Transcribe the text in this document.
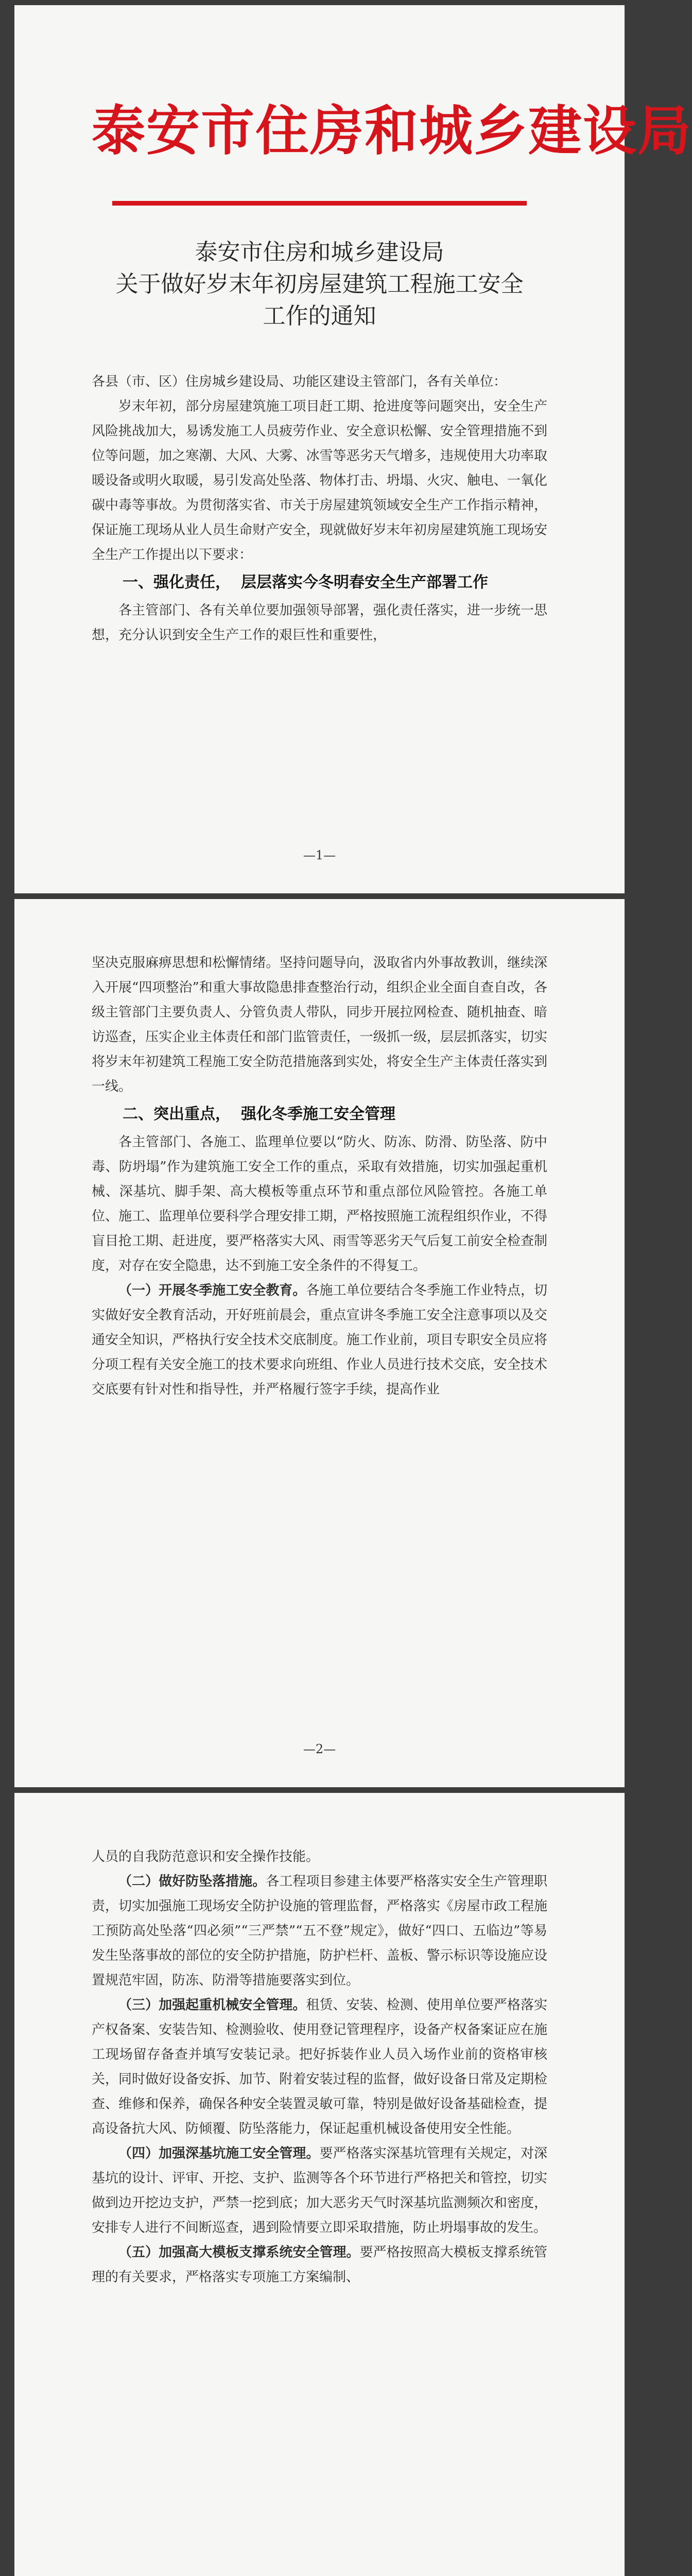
泰安市住房和城乡建设局
泰安市住房和城乡建设局
关于做好岁末年初房屋建筑工程施工安全
工作的通知

各县（市、区）住房城乡建设局、功能区建设主管部门，各有关单位：

岁末年初，部分房屋建筑施工项目赶工期、抢进度等问题突出，安全生产风险挑战加大，易诱发施工人员疲劳作业、安全意识松懈、安全管理措施不到位等问题，加之寒潮、大风、大雾、冰雪等恶劣天气增多，违规使用大功率取暖设备或明火取暖，易引发高处坠落、物体打击、坍塌、火灾、触电、一氧化碳中毒等事故。为贯彻落实省、市关于房屋建筑领域安全生产工作指示精神，保证施工现场从业人员生命财产安全，现就做好岁末年初房屋建筑施工现场安全生产工作提出以下要求：

一、强化责任， 层层落实今冬明春安全生产部署工作

各主管部门、各有关单位要加强领导部署，强化责任落实，进一步统一思想，充分认识到安全生产工作的艰巨性和重要性，

—1—

坚决克服麻痹思想和松懈情绪。坚持问题导向，汲取省内外事故教训，继续深入开展“四项整治”和重大事故隐患排查整治行动，组织企业全面自查自改，各级主管部门主要负责人、分管负责人带队，同步开展拉网检查、随机抽查、暗访巡查，压实企业主体责任和部门监管责任，一级抓一级，层层抓落实，切实将岁末年初建筑工程施工安全防范措施落到实处，将安全生产主体责任落实到一线。

二、突出重点， 强化冬季施工安全管理

各主管部门、各施工、监理单位要以“防火、防冻、防滑、防坠落、防中毒、防坍塌”作为建筑施工安全工作的重点，采取有效措施，切实加强起重机械、深基坑、脚手架、高大模板等重点环节和重点部位风险管控。各施工单位、施工、监理单位要科学合理安排工期，严格按照施工流程组织作业，不得盲目抢工期、赶进度，要严格落实大风、雨雪等恶劣天气后复工前安全检查制度，对存在安全隐患，达不到施工安全条件的不得复工。

（一）开展冬季施工安全教育。各施工单位要结合冬季施工作业特点，切实做好安全教育活动，开好班前晨会，重点宣讲冬季施工安全注意事项以及交通安全知识，严格执行安全技术交底制度。施工作业前，项目专职安全员应将分项工程有关安全施工的技术要求向班组、作业人员进行技术交底，安全技术交底要有针对性和指导性，并严格履行签字手续，提高作业

—2—

人员的自我防范意识和安全操作技能。

（二）做好防坠落措施。各工程项目参建主体要严格落实安全生产管理职责，切实加强施工现场安全防护设施的管理监督，严格落实《房屋市政工程施工预防高处坠落“四必须”“三严禁”“五不登”规定》，做好“四口、五临边”等易发生坠落事故的部位的安全防护措施，防护栏杆、盖板、警示标识等设施应设置规范牢固，防冻、防滑等措施要落实到位。

（三）加强起重机械安全管理。租赁、安装、检测、使用单位要严格落实产权备案、安装告知、检测验收、使用登记管理程序，设备产权备案证应在施工现场留存备查并填写安装记录。把好拆装作业人员入场作业前的资格审核关，同时做好设备安拆、加节、附着安装过程的监督，做好设备日常及定期检查、维修和保养，确保各种安全装置灵敏可靠，特别是做好设备基础检查，提高设备抗大风、防倾覆、防坠落能力，保证起重机械设备使用安全性能。

（四）加强深基坑施工安全管理。要严格落实深基坑管理有关规定，对深基坑的设计、评审、开挖、支护、监测等各个环节进行严格把关和管控，切实做到边开挖边支护，严禁一挖到底；加大恶劣天气时深基坑监测频次和密度，安排专人进行不间断巡查，遇到险情要立即采取措施，防止坍塌事故的发生。

（五）加强高大模板支撑系统安全管理。要严格按照高大模板支撑系统管理的有关要求，严格落实专项施工方案编制、
